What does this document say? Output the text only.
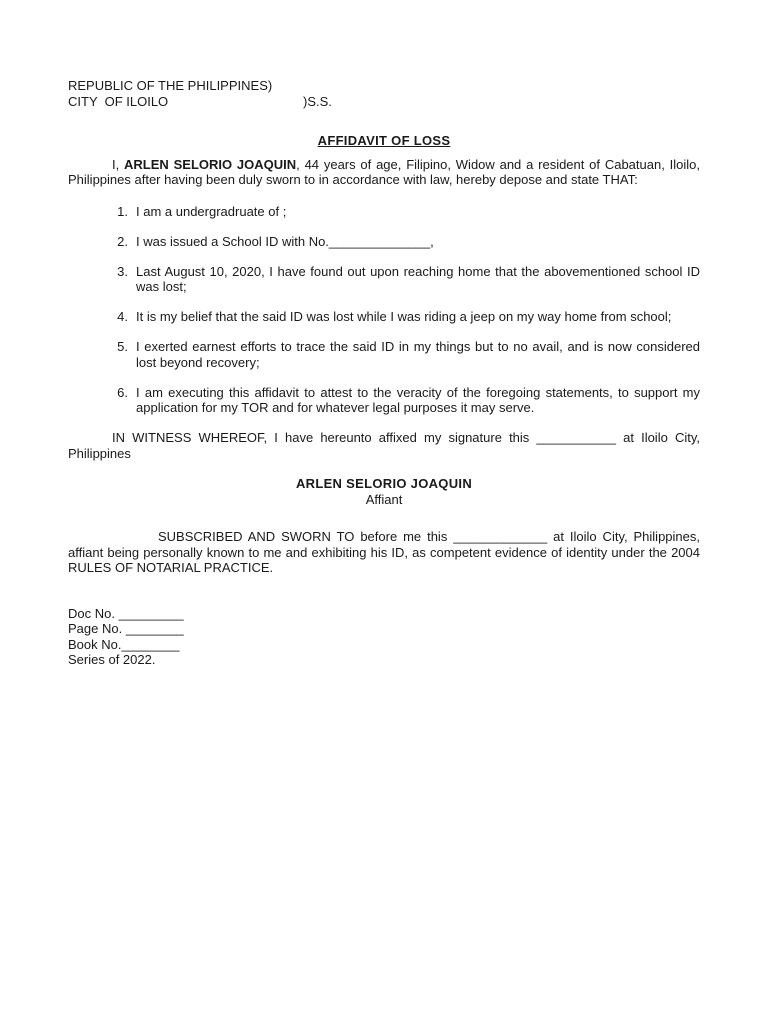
REPUBLIC OF THE PHILIPPINES)
CITY  OF ILOILO	)S.S.
AFFIDAVIT OF LOSS
I, ARLEN SELORIO JOAQUIN, 44 years of age, Filipino, Widow and a resident of Cabatuan, Iloilo, Philippines after having been duly sworn to in accordance with law, hereby depose and state THAT:
1. I am a undergradruate of ;
2. I was issued a School ID with No.______________,
3. Last August 10, 2020, I have found out upon reaching home that the abovementioned school ID was lost;
4. It is my belief that the said ID was lost while I was riding a jeep on my way home from school;
5. I exerted earnest efforts to trace the said ID in my things but to no avail, and is now considered lost beyond recovery;
6. I am executing this affidavit to attest to the veracity of the foregoing statements, to support my application for my TOR and for whatever legal purposes it may serve.
IN WITNESS WHEREOF, I have hereunto affixed my signature this ___________ at Iloilo City, Philippines
ARLEN SELORIO JOAQUIN
Affiant
SUBSCRIBED AND SWORN TO before me this _____________ at Iloilo City, Philippines, affiant being personally known to me and exhibiting his ID, as competent evidence of identity under the 2004 RULES OF NOTARIAL PRACTICE.
Doc No. _________
Page No. ________
Book No.________
Series of 2022.
